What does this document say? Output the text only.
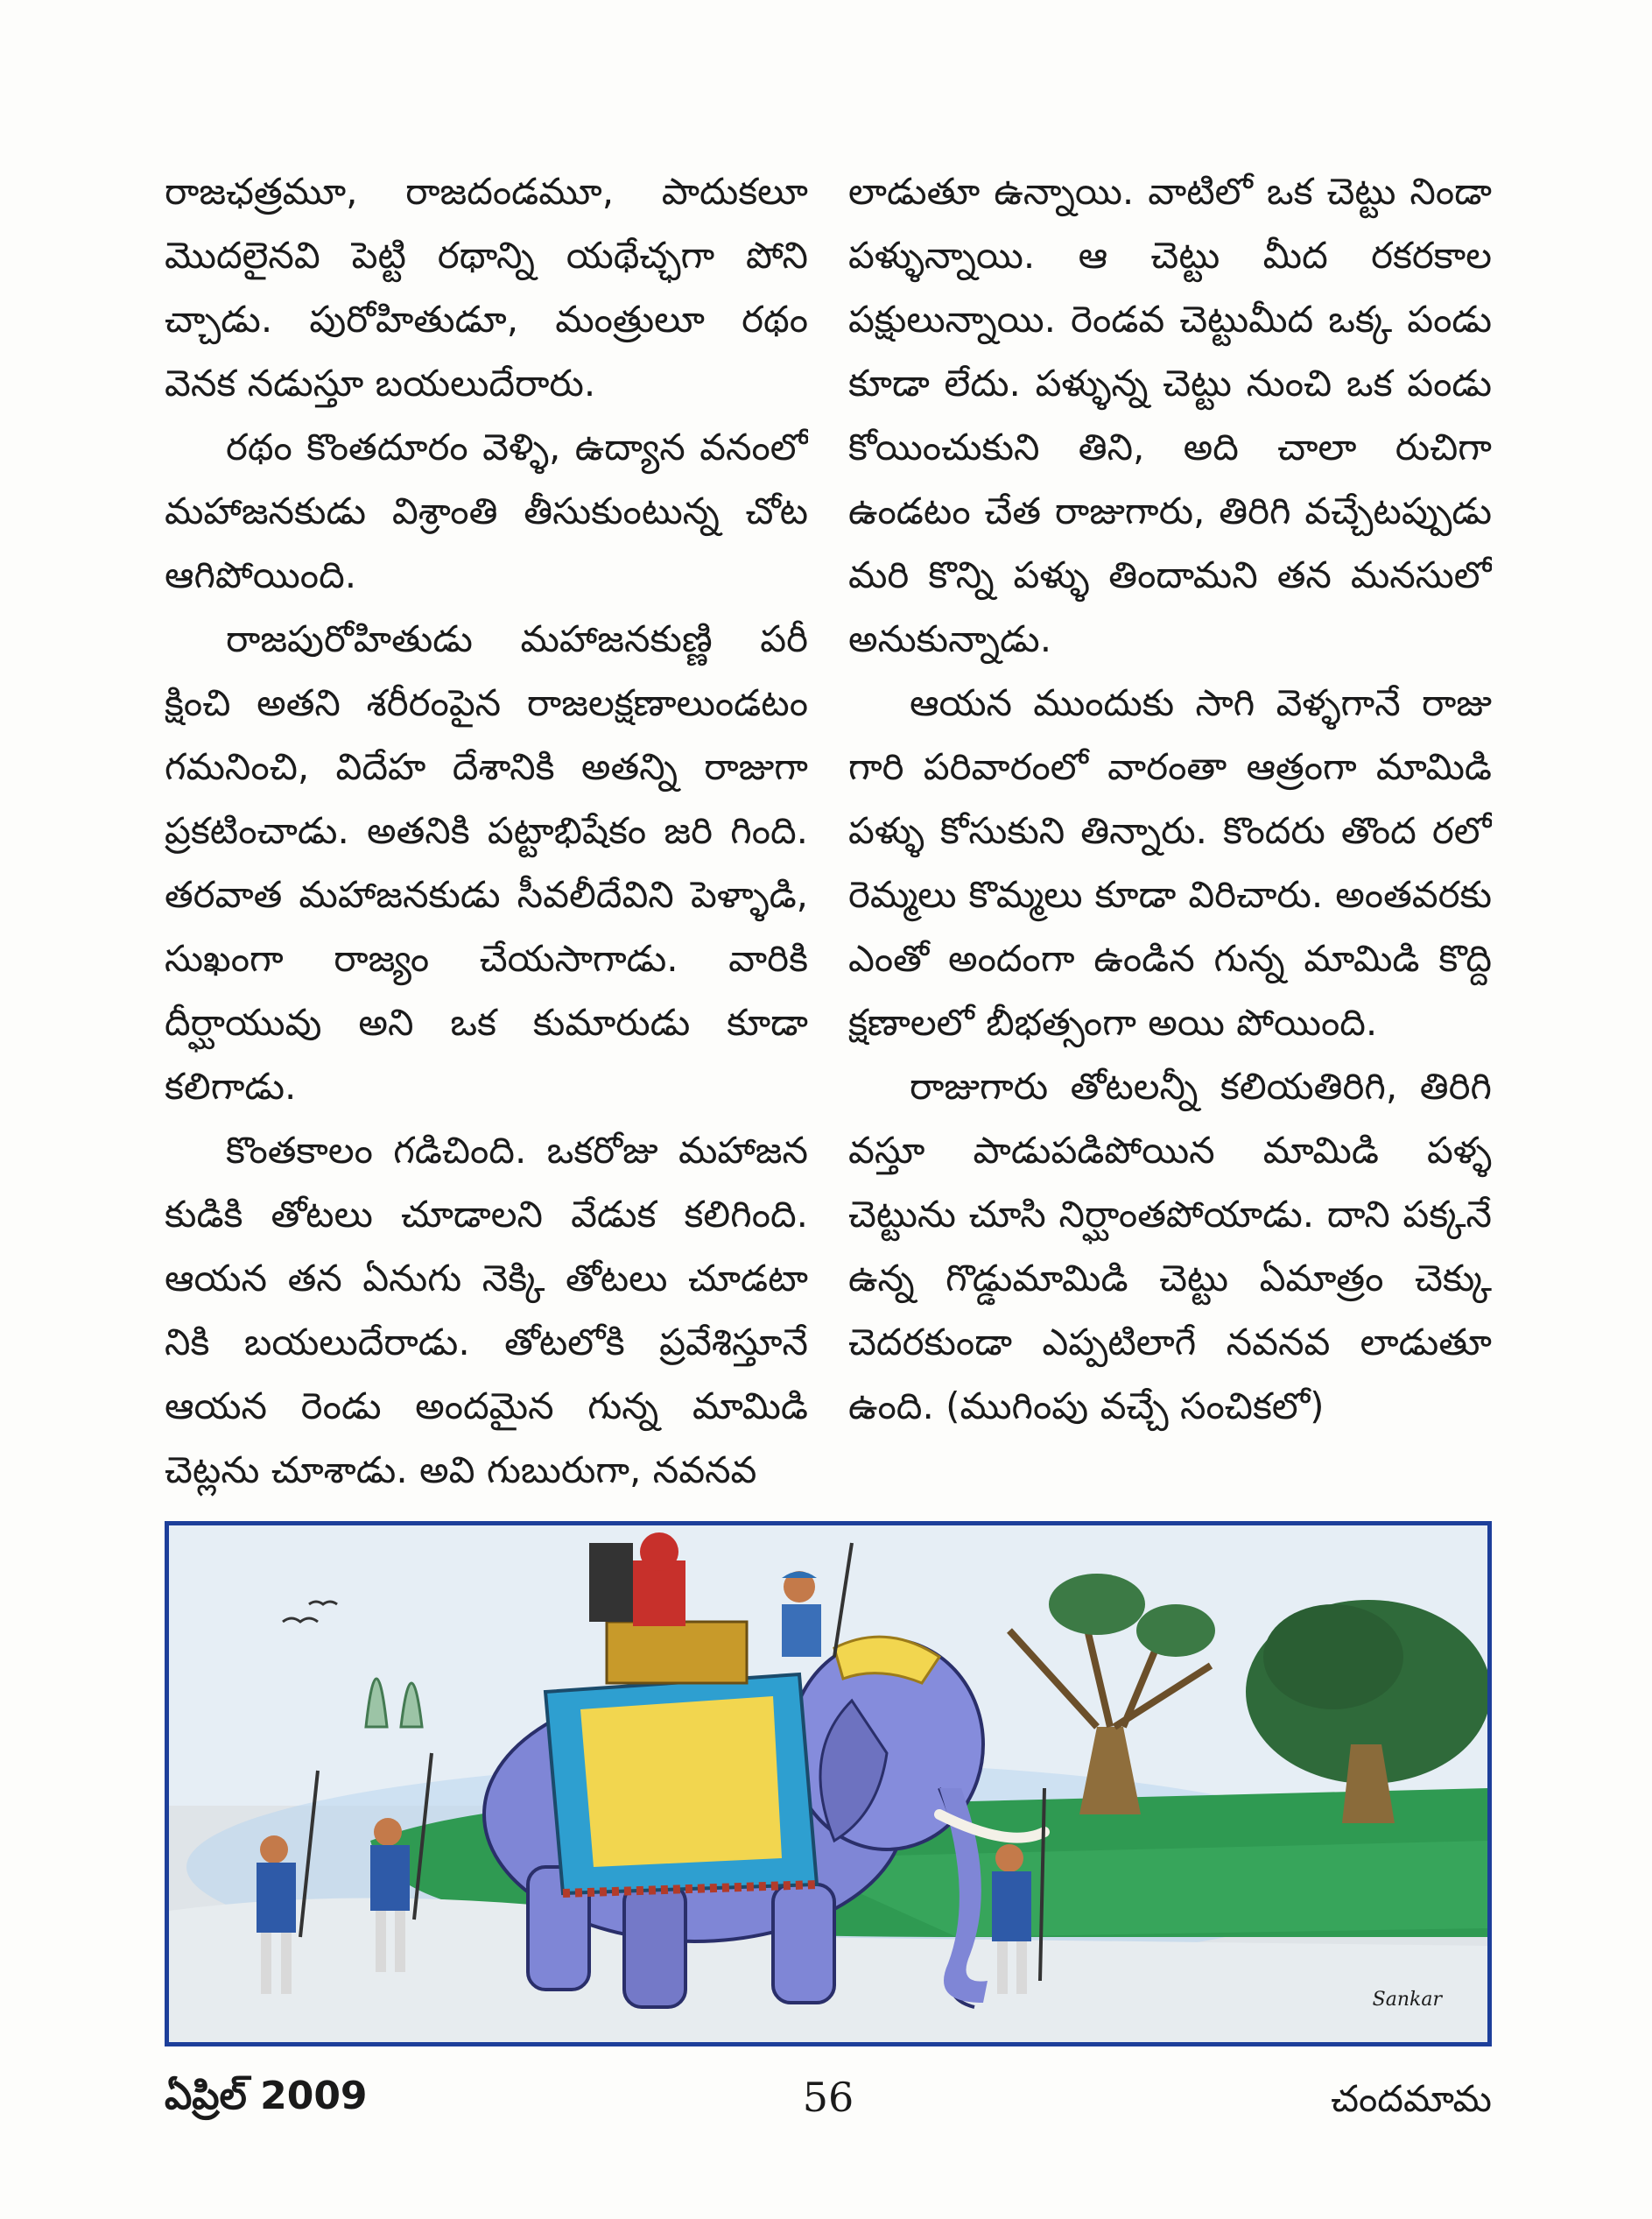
రాజఛత్రమూ, రాజదండమూ, పాదుకలూ మొదలైనవి పెట్టి రథాన్ని యథేచ్ఛగా పోని చ్చాడు. పురోహితుడూ, మంత్రులూ రథం వెనక నడుస్తూ బయలుదేరారు.

రథం కొంతదూరం వెళ్ళి, ఉద్యాన వనంలో మహాజనకుడు విశ్రాంతి తీసుకుంటున్న చోట ఆగిపోయింది.

రాజపురోహితుడు మహాజనకుణ్ణి పరీ క్షించి అతని శరీరంపైన రాజలక్షణాలుండటం గమనించి, విదేహ దేశానికి అతన్ని రాజుగా ప్రకటించాడు. అతనికి పట్టాభిషేకం జరి గింది. తరవాత మహాజనకుడు సీవలీదేవిని పెళ్ళాడి, సుఖంగా రాజ్యం చేయసాగాడు. వారికి దీర్ఘాయువు అని ఒక కుమారుడు కూడా కలిగాడు.

కొంతకాలం గడిచింది. ఒకరోజు మహాజన కుడికి తోటలు చూడాలని వేడుక కలిగింది. ఆయన తన ఏనుగు నెక్కి తోటలు చూడటా నికి బయలుదేరాడు. తోటలోకి ప్రవేశిస్తూనే ఆయన రెండు అందమైన గున్న మామిడి చెట్లను చూశాడు. అవి గుబురుగా, నవనవ

లాడుతూ ఉన్నాయి. వాటిలో ఒక చెట్టు నిండా పళ్ళున్నాయి. ఆ చెట్టు మీద రకరకాల పక్షులున్నాయి. రెండవ చెట్టుమీద ఒక్క పండు కూడా లేదు. పళ్ళున్న చెట్టు నుంచి ఒక పండు కోయించుకుని తిని, అది చాలా రుచిగా ఉండటం చేత రాజుగారు, తిరిగి వచ్చేటప్పుడు మరి కొన్ని పళ్ళు తిందామని తన మనసులో అనుకున్నాడు.

ఆయన ముందుకు సాగి వెళ్ళగానే రాజు గారి పరివారంలో వారంతా ఆత్రంగా మామిడి పళ్ళు కోసుకుని తిన్నారు. కొందరు తొంద రలో రెమ్మలు కొమ్మలు కూడా విరిచారు. అంతవరకు ఎంతో అందంగా ఉండిన గున్న మామిడి కొద్ది క్షణాలలో బీభత్సంగా అయి పోయింది.

రాజుగారు తోటలన్నీ కలియతిరిగి, తిరిగి వస్తూ పాడుపడిపోయిన మామిడి పళ్ళ చెట్టును చూసి నిర్ఘాంతపోయాడు. దాని పక్కనే ఉన్న గొడ్డుమామిడి చెట్టు ఏమాత్రం చెక్కు చెదరకుండా ఎప్పటిలాగే నవనవ లాడుతూ ఉంది. (ముగింపు వచ్చే సంచికలో)

Sankar
ఏప్రిల్ 2009	56	చందమామ
